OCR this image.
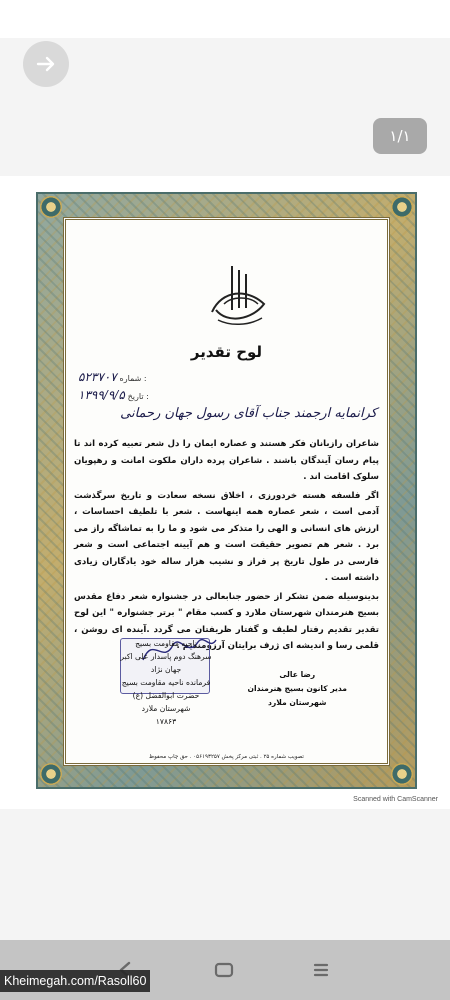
۱/۱
لوح تقدیر
۵۲۳۷۰۷ شماره :
۱۳۹۹/۹/۵ تاریخ :
کرانمایه ارجمند جناب آقای رسول جهان رحمانی

شاعران رازبانان فکر هستند و عصاره ایمان را دل شعر تعبیه کرده اند تا پیام رسان آیندگان باشند . شاعران پرده داران ملکوت امانت و رهپویان سلوک اقامت اند .

اگر فلسفه هسته خردورزی ، اخلاق نسخه سعادت و تاریخ سرگذشت آدمی است ، شعر عصاره همه اینهاست . شعر با تلطیف احساسات ، ارزش های انسانی و الهی را متذکر می شود و ما را به تماشاگه راز می برد . شعر هم تصویر حقیقت است و هم آیینه اجتماعی است و شعر فارسی در طول تاریخ پر فراز و نشیب هزار ساله خود یادگاران زیادی داشته است .

بدینوسیله ضمن تشکر از حضور جنابعالی در جشنواره شعر دفاع مقدس بسیج هنرمندان شهرستان ملارد و کسب مقام " برتر جشنواره " این لوح تقدیر تقدیم رفتار لطیف و گفتار ظریفتان می گردد .آینده ای روشن ، قلمی رسا و اندیشه ای ژرف برایتان آرزومندیم .

ناحیه مقاومت بسیج
سرهنگ دوم پاسدار علی اکبر جهان نژاد
فرمانده ناحیه مقاومت بسیج حضرت ابوالفضل (ع)
شهرستان ملارد
۱۷۸۶۳
رضا عالی
مدیر کانون بسیج هنرمندان
شهرستان ملارد
تصویب شماره ۲۵ . ثبتی مرکز پخش ۰۵۶۱۹۳۲۵۷ . حق چاپ محفوظ
Scanned with CamScanner
Kheimegah.com/Rasoll60
